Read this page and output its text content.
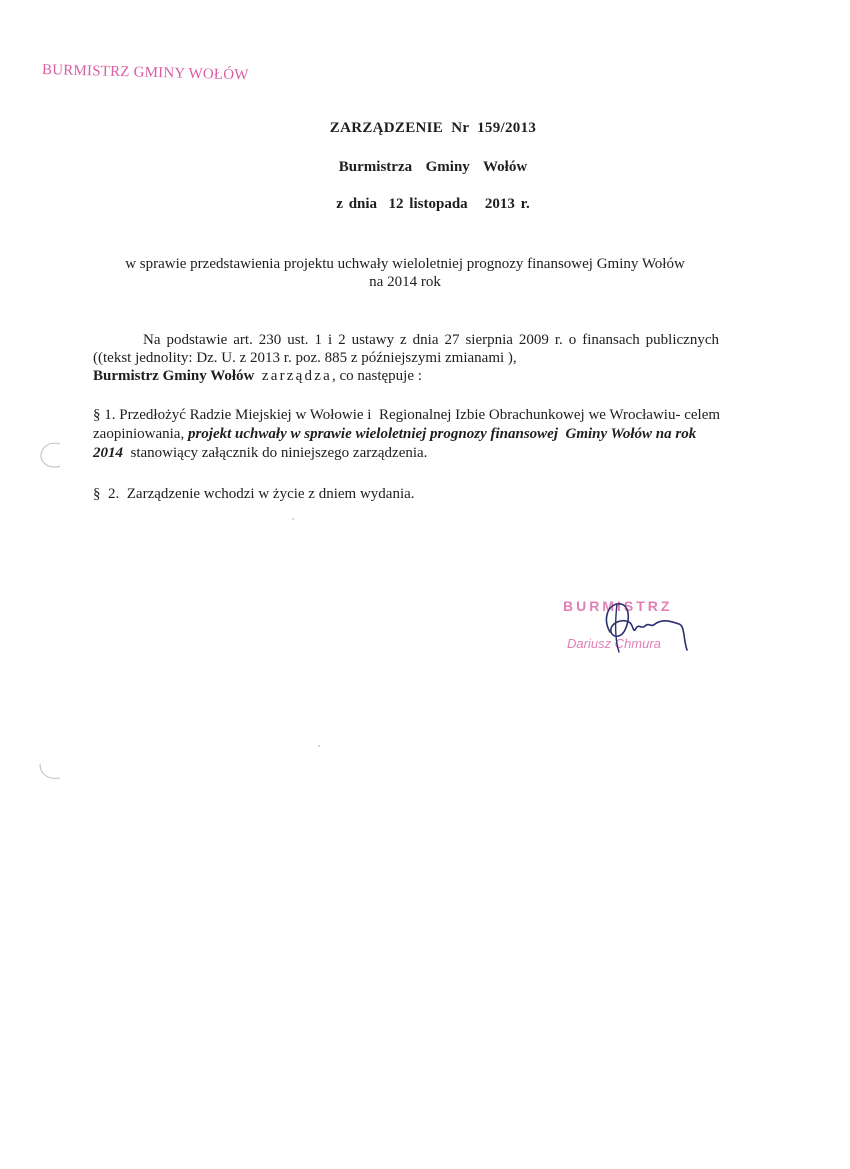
BURMISTRZ GMINY WOŁÓW
ZARZĄDZENIE  Nr  159/2013
Burmistrza  Gminy  Wołów
z dnia  12 listopada   2013 r.
w sprawie przedstawienia projektu uchwały wieloletniej prognozy finansowej Gminy Wołów
na 2014 rok
Na podstawie art. 230 ust. 1 i 2 ustawy z dnia 27 sierpnia 2009 r. o finansach publicznych ((tekst jednolity: Dz. U. z 2013 r. poz. 885 z późniejszymi zmianami ),
Burmistrz Gminy Wołów zarządza, co następuje :
§ 1. Przedłożyć Radzie Miejskiej w Wołowie i  Regionalnej Izbie Obrachunkowej we Wrocławiu- celem zaopiniowania, projekt uchwały w sprawie wieloletniej prognozy finansowej  Gminy Wołów na rok 2014  stanowiący załącznik do niniejszego zarządzenia.
§  2.  Zarządzenie wchodzi w życie z dniem wydania.
BURMISTRZ
Dariusz Chmura
